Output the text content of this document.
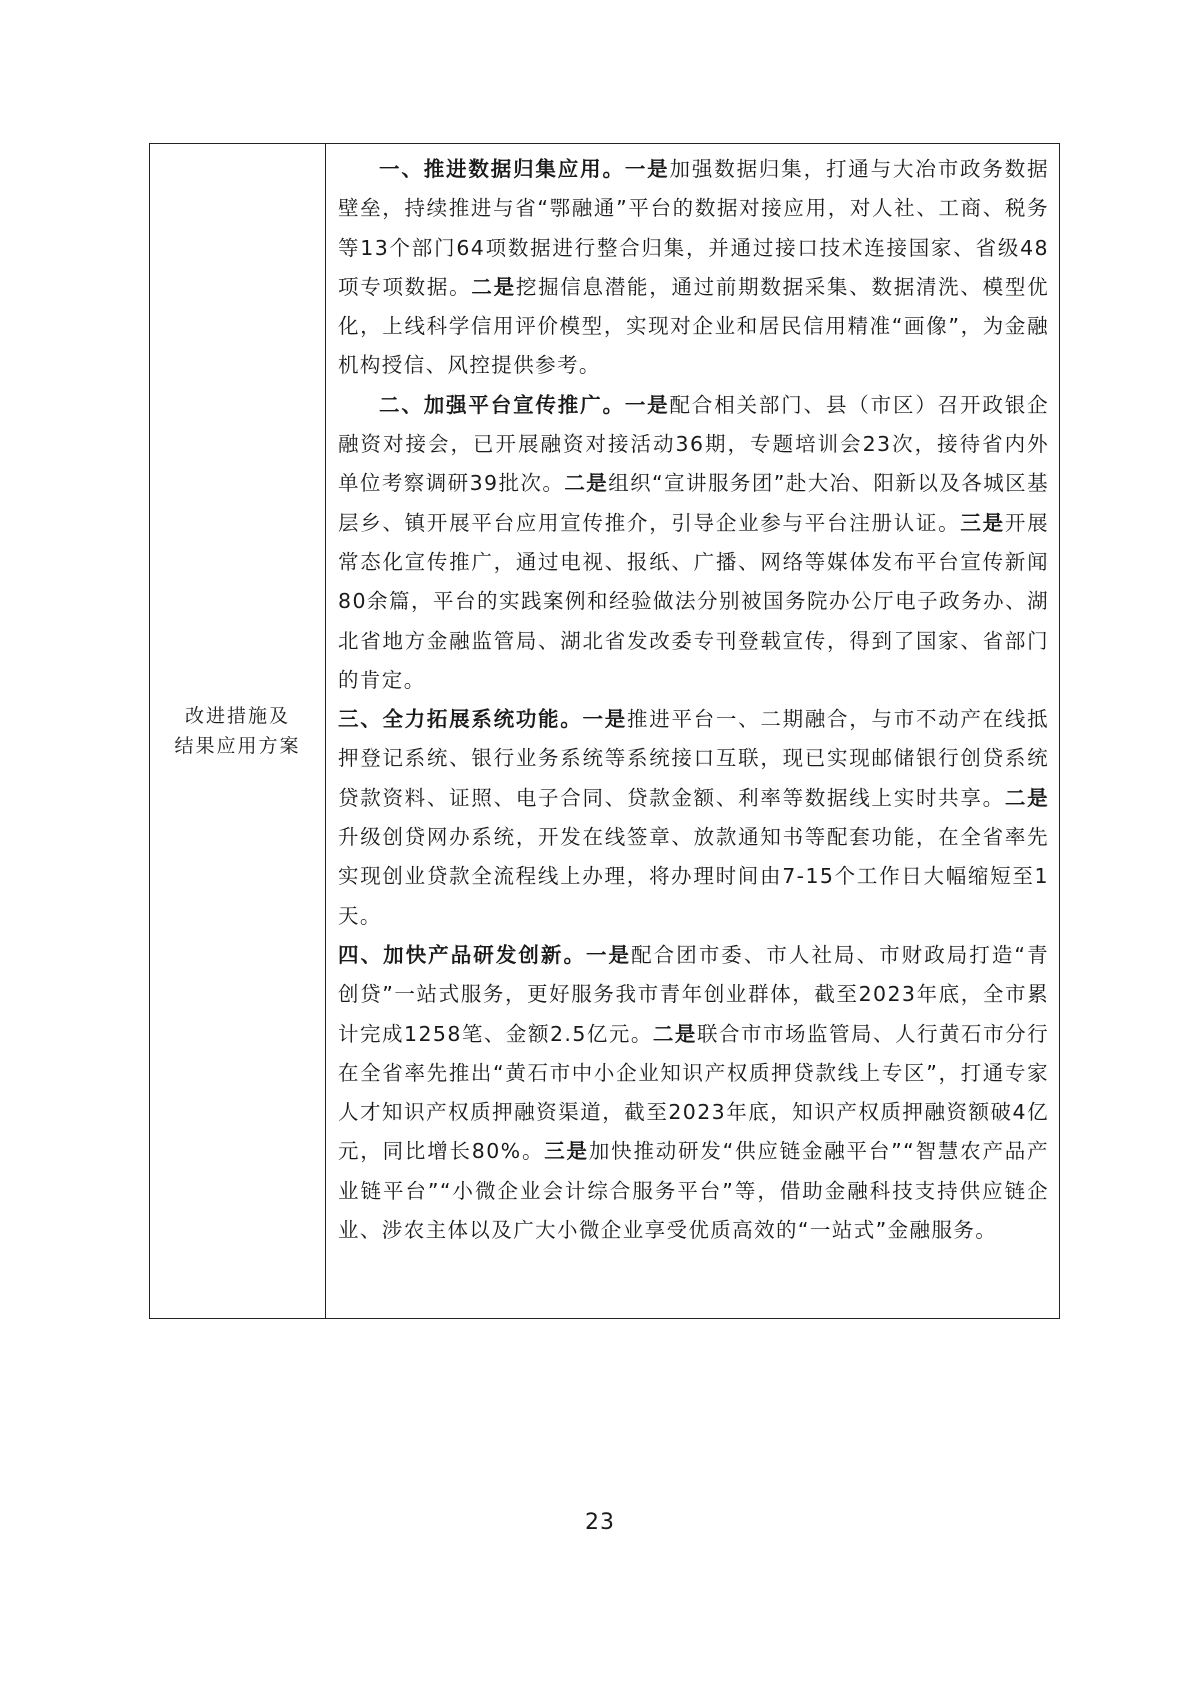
改进措施及
结果应用方案

一、推进数据归集应用。一是加强数据归集，打通与大冶市政务数据壁垒，持续推进与省“鄂融通”平台的数据对接应用，对人社、工商、税务等13个部门64项数据进行整合归集，并通过接口技术连接国家、省级48项专项数据。二是挖掘信息潜能，通过前期数据采集、数据清洗、模型优化，上线科学信用评价模型，实现对企业和居民信用精准“画像”，为金融机构授信、风控提供参考。

二、加强平台宣传推广。一是配合相关部门、县（市区）召开政银企融资对接会，已开展融资对接活动36期，专题培训会23次，接待省内外单位考察调研39批次。二是组织“宣讲服务团”赴大冶、阳新以及各城区基层乡、镇开展平台应用宣传推介，引导企业参与平台注册认证。三是开展常态化宣传推广，通过电视、报纸、广播、网络等媒体发布平台宣传新闻80余篇，平台的实践案例和经验做法分别被国务院办公厅电子政务办、湖北省地方金融监管局、湖北省发改委专刊登载宣传，得到了国家、省部门的肯定。

三、全力拓展系统功能。一是推进平台一、二期融合，与市不动产在线抵押登记系统、银行业务系统等系统接口互联，现已实现邮储银行创贷系统贷款资料、证照、电子合同、贷款金额、利率等数据线上实时共享。二是升级创贷网办系统，开发在线签章、放款通知书等配套功能，在全省率先实现创业贷款全流程线上办理，将办理时间由7-15个工作日大幅缩短至1天。

四、加快产品研发创新。一是配合团市委、市人社局、市财政局打造“青创贷”一站式服务，更好服务我市青年创业群体，截至2023年底，全市累计完成1258笔、金额2.5亿元。二是联合市市场监管局、人行黄石市分行在全省率先推出“黄石市中小企业知识产权质押贷款线上专区”，打通专家人才知识产权质押融资渠道，截至2023年底，知识产权质押融资额破4亿元，同比增长80%。三是加快推动研发“供应链金融平台”“智慧农产品产业链平台”“小微企业会计综合服务平台”等，借助金融科技支持供应链企业、涉农主体以及广大小微企业享受优质高效的“一站式”金融服务。

23
